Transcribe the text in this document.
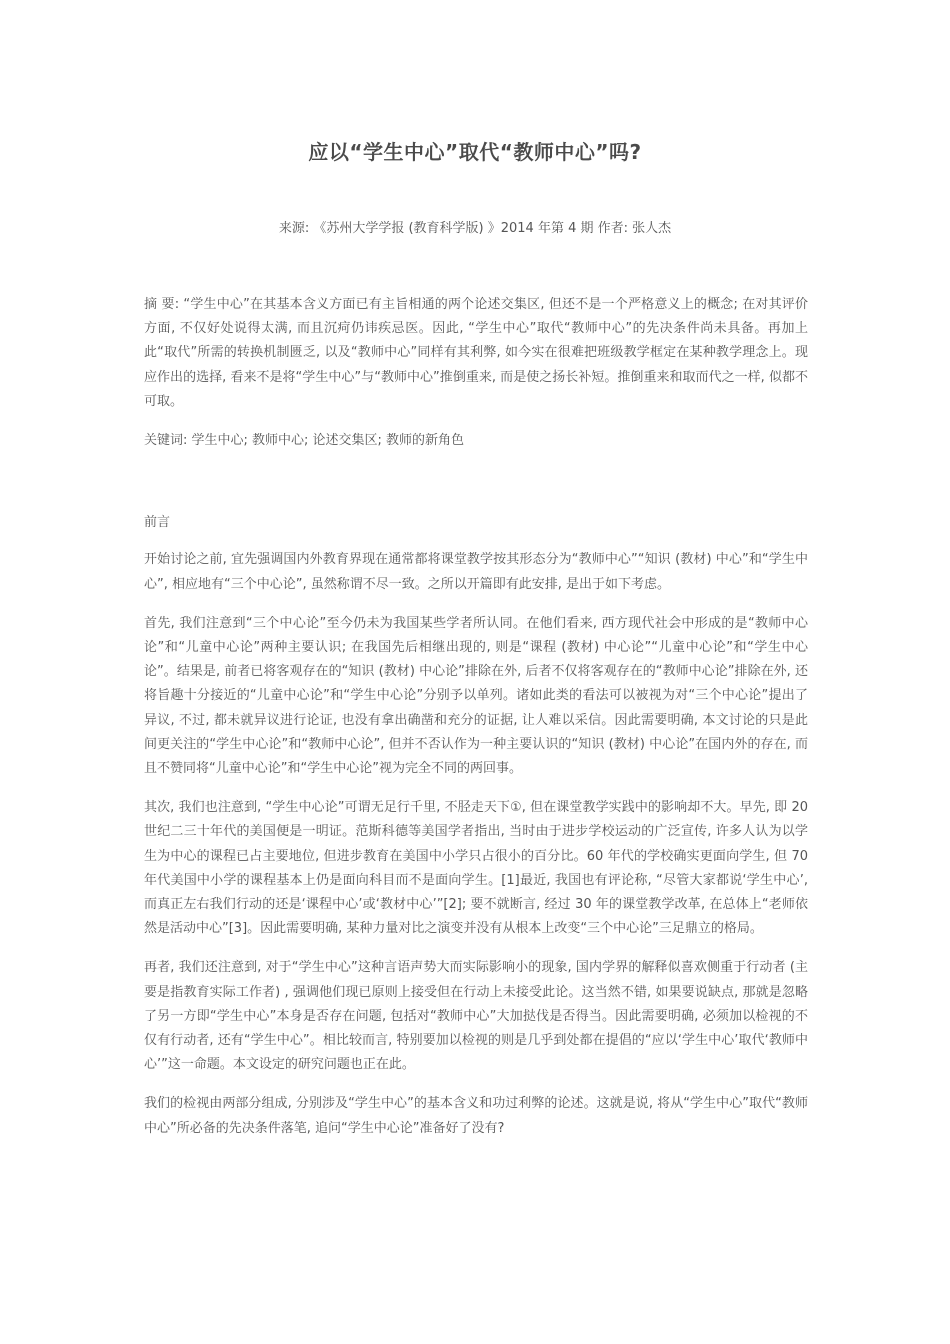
应以“学生中心”取代“教师中心”吗?
来源: 《苏州大学学报 (教育科学版) 》2014 年第 4 期 作者: 张人杰

摘 要: “学生中心”在其基本含义方面已有主旨相通的两个论述交集区, 但还不是一个严格意义上的概念; 在对其评价方面, 不仅好处说得太满, 而且沉疴仍讳疾忌医。因此, “学生中心”取代“教师中心”的先决条件尚未具备。再加上此“取代”所需的转换机制匮乏, 以及“教师中心”同样有其利弊, 如今实在很难把班级教学框定在某种教学理念上。现应作出的选择, 看来不是将“学生中心”与“教师中心”推倒重来, 而是使之扬长补短。推倒重来和取而代之一样, 似都不可取。

关键词: 学生中心; 教师中心; 论述交集区; 教师的新角色

前言

开始讨论之前, 宜先强调国内外教育界现在通常都将课堂教学按其形态分为“教师中心”“知识 (教材) 中心”和“学生中心”, 相应地有“三个中心论”, 虽然称谓不尽一致。之所以开篇即有此安排, 是出于如下考虑。

首先, 我们注意到“三个中心论”至今仍未为我国某些学者所认同。在他们看来, 西方现代社会中形成的是“教师中心论”和“儿童中心论”两种主要认识; 在我国先后相继出现的, 则是“课程 (教材) 中心论”“儿童中心论”和“学生中心论”。结果是, 前者已将客观存在的“知识 (教材) 中心论”排除在外, 后者不仅将客观存在的“教师中心论”排除在外, 还将旨趣十分接近的“儿童中心论”和“学生中心论”分别予以单列。诸如此类的看法可以被视为对“三个中心论”提出了异议, 不过, 都未就异议进行论证, 也没有拿出确凿和充分的证据, 让人难以采信。因此需要明确, 本文讨论的只是此间更关注的“学生中心论”和“教师中心论”, 但并不否认作为一种主要认识的“知识 (教材) 中心论”在国内外的存在, 而且不赞同将“儿童中心论”和“学生中心论”视为完全不同的两回事。

其次, 我们也注意到, “学生中心论”可谓无足行千里, 不胫走天下①, 但在课堂教学实践中的影响却不大。早先, 即 20 世纪二三十年代的美国便是一明证。范斯科德等美国学者指出, 当时由于进步学校运动的广泛宣传, 许多人认为以学生为中心的课程已占主要地位, 但进步教育在美国中小学只占很小的百分比。60 年代的学校确实更面向学生, 但 70 年代美国中小学的课程基本上仍是面向科目而不是面向学生。[1]最近, 我国也有评论称, “尽管大家都说‘学生中心’, 而真正左右我们行动的还是‘课程中心’或‘教材中心’”[2]; 要不就断言, 经过 30 年的课堂教学改革, 在总体上“老师依然是活动中心”[3]。因此需要明确, 某种力量对比之演变并没有从根本上改变“三个中心论”三足鼎立的格局。

再者, 我们还注意到, 对于“学生中心”这种言语声势大而实际影响小的现象, 国内学界的解释似喜欢侧重于行动者 (主要是指教育实际工作者) , 强调他们现已原则上接受但在行动上未接受此论。这当然不错, 如果要说缺点, 那就是忽略了另一方即“学生中心”本身是否存在问题, 包括对“教师中心”大加挞伐是否得当。因此需要明确, 必须加以检视的不仅有行动者, 还有“学生中心”。相比较而言, 特别要加以检视的则是几乎到处都在提倡的“应以‘学生中心’取代‘教师中心’”这一命题。本文设定的研究问题也正在此。

我们的检视由两部分组成, 分别涉及“学生中心”的基本含义和功过利弊的论述。这就是说, 将从“学生中心”取代“教师中心”所必备的先决条件落笔, 追问“学生中心论”准备好了没有?
